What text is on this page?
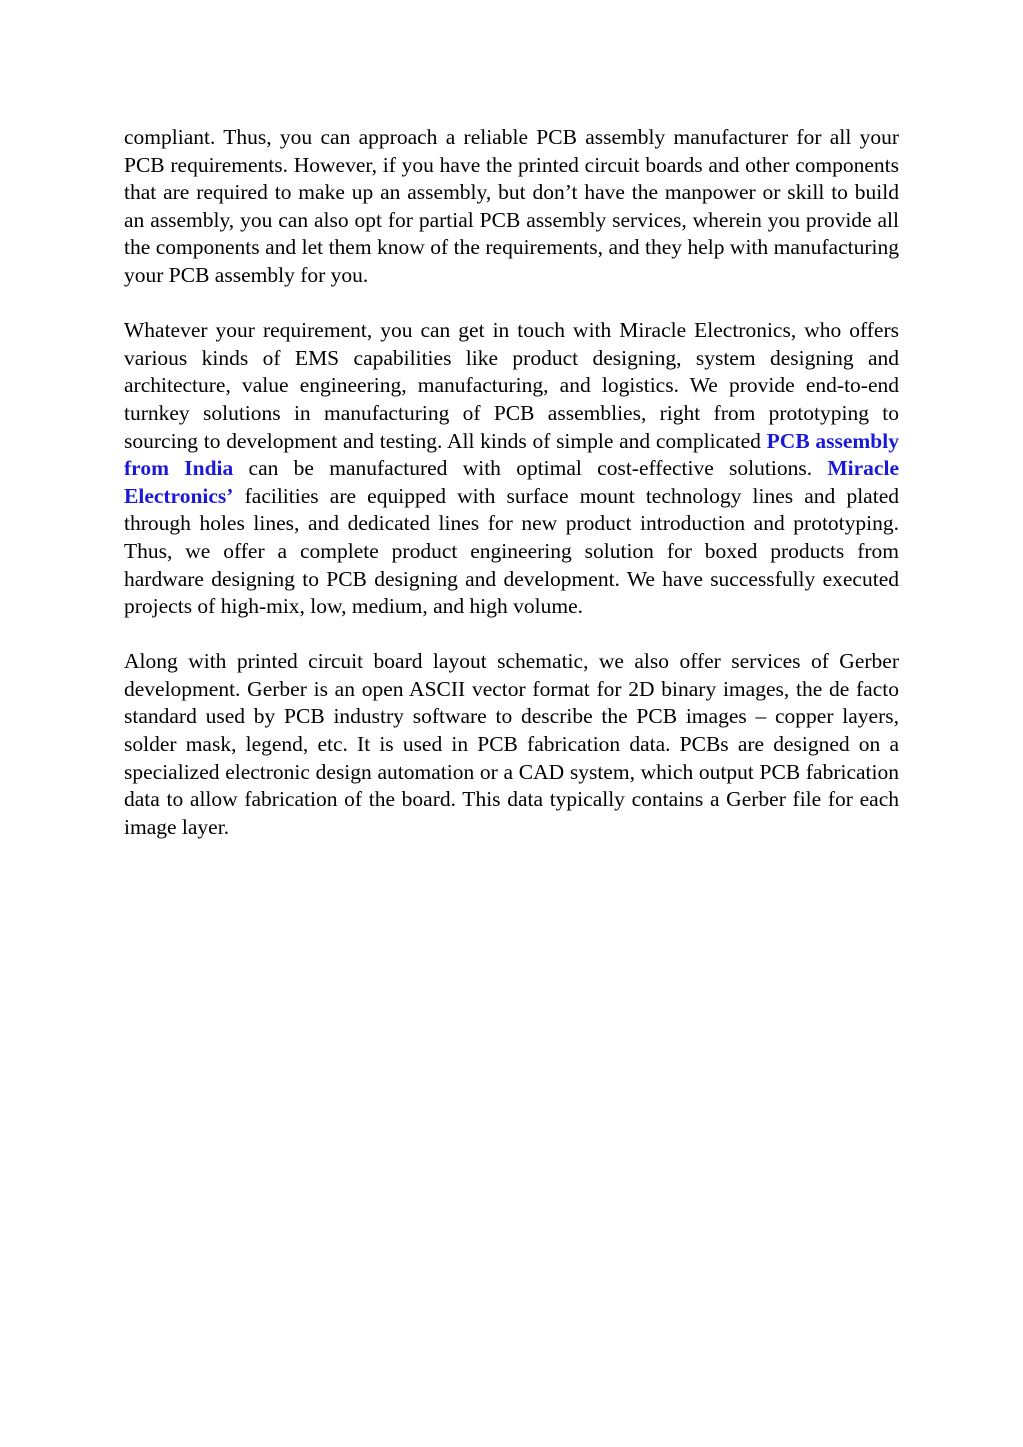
compliant. Thus, you can approach a reliable PCB assembly manufacturer for all your PCB requirements. However, if you have the printed circuit boards and other components that are required to make up an assembly, but don’t have the manpower or skill to build an assembly, you can also opt for partial PCB assembly services, wherein you provide all the components and let them know of the requirements, and they help with manufacturing your PCB assembly for you.

Whatever your requirement, you can get in touch with Miracle Electronics, who offers various kinds of EMS capabilities like product designing, system designing and architecture, value engineering, manufacturing, and logistics. We provide end-to-end turnkey solutions in manufacturing of PCB assemblies, right from prototyping to sourcing to development and testing. All kinds of simple and complicated PCB assembly from India can be manufactured with optimal cost-effective solutions. Miracle Electronics’ facilities are equipped with surface mount technology lines and plated through holes lines, and dedicated lines for new product introduction and prototyping. Thus, we offer a complete product engineering solution for boxed products from hardware designing to PCB designing and development. We have successfully executed projects of high-mix, low, medium, and high volume.

Along with printed circuit board layout schematic, we also offer services of Gerber development. Gerber is an open ASCII vector format for 2D binary images, the de facto standard used by PCB industry software to describe the PCB images – copper layers, solder mask, legend, etc. It is used in PCB fabrication data. PCBs are designed on a specialized electronic design automation or a CAD system, which output PCB fabrication data to allow fabrication of the board. This data typically contains a Gerber file for each image layer.
